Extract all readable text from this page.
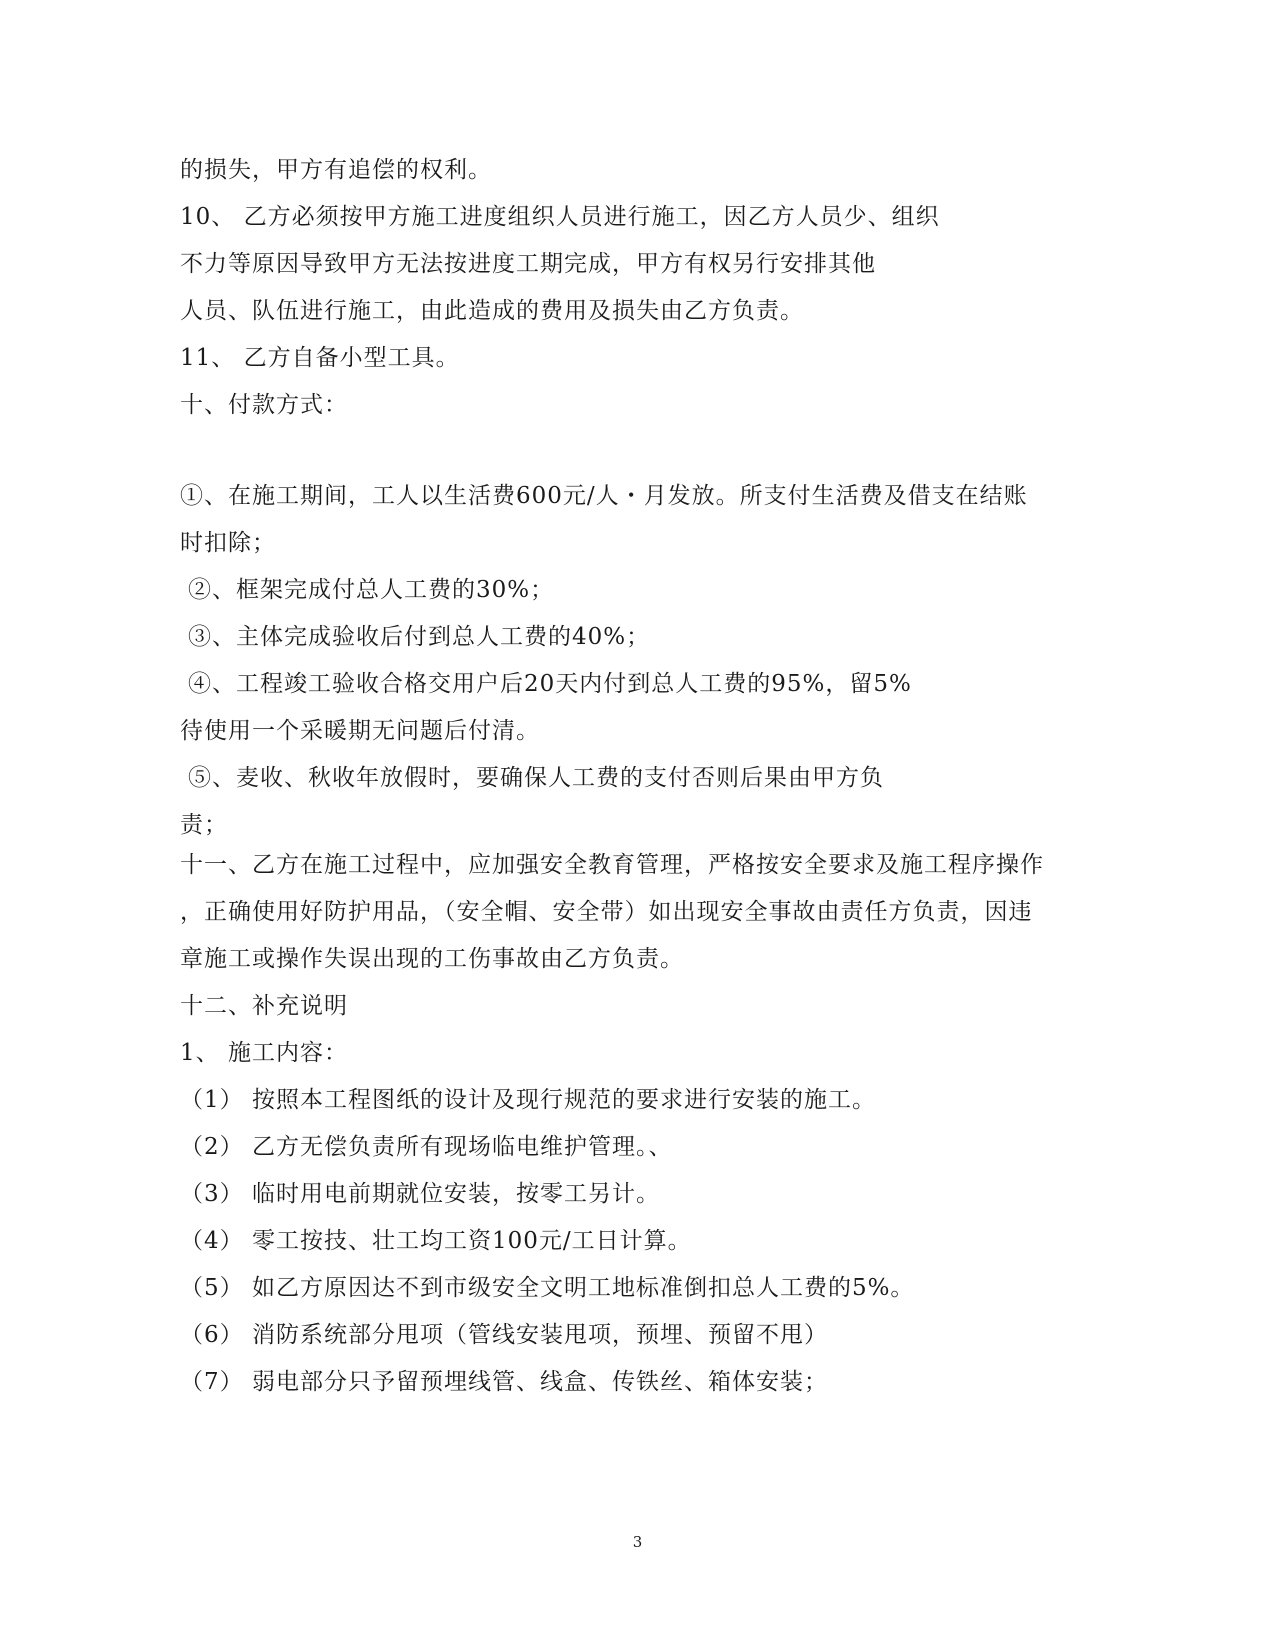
的损失，甲方有追偿的权利。
10、 乙方必须按甲方施工进度组织人员进行施工，因乙方人员少、组织
不力等原因导致甲方无法按进度工期完成，甲方有权另行安排其他
人员、队伍进行施工，由此造成的费用及损失由乙方负责。
11、 乙方自备小型工具。
十、付款方式：
①、在施工期间，工人以生活费600元/人・月发放。所支付生活费及借支在结账
时扣除；
②、框架完成付总人工费的30%；
③、主体完成验收后付到总人工费的40%；
④、工程竣工验收合格交用户后20天内付到总人工费的95%，留5%
待使用一个采暖期无问题后付清。
⑤、麦收、秋收年放假时，要确保人工费的支付否则后果由甲方负
责；
十一、乙方在施工过程中，应加强安全教育管理，严格按安全要求及施工程序操作
，正确使用好防护用品，（安全帽、安全带）如出现安全事故由责任方负责，因违
章施工或操作失误出现的工伤事故由乙方负责。
十二、补充说明
1、 施工内容：
（1） 按照本工程图纸的设计及现行规范的要求进行安装的施工。
（2） 乙方无偿负责所有现场临电维护管理。、
（3） 临时用电前期就位安装，按零工另计。
（4） 零工按技、壮工均工资100元/工日计算。
（5） 如乙方原因达不到市级安全文明工地标准倒扣总人工费的5%。
（6） 消防系统部分甩项（管线安装甩项，预埋、预留不甩）
（7） 弱电部分只予留预埋线管、线盒、传铁丝、箱体安装；
3
